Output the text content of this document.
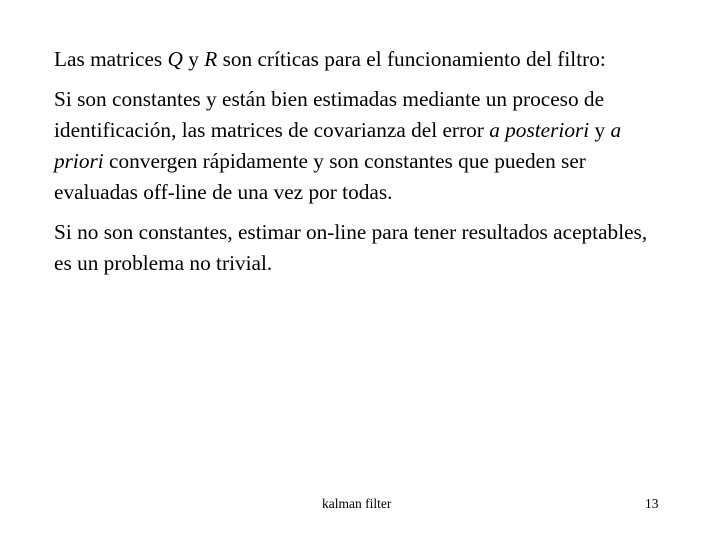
Las matrices Q y R son críticas para el funcionamiento del filtro:

Si son constantes y están bien estimadas mediante un proceso de identificación, las matrices de covarianza del error a posteriori y a priori convergen rápidamente y son constantes que pueden ser evaluadas off-line de una vez por todas.

Si no son constantes, estimar on-line para tener resultados aceptables, es un problema no trivial.

kalman filter	13
